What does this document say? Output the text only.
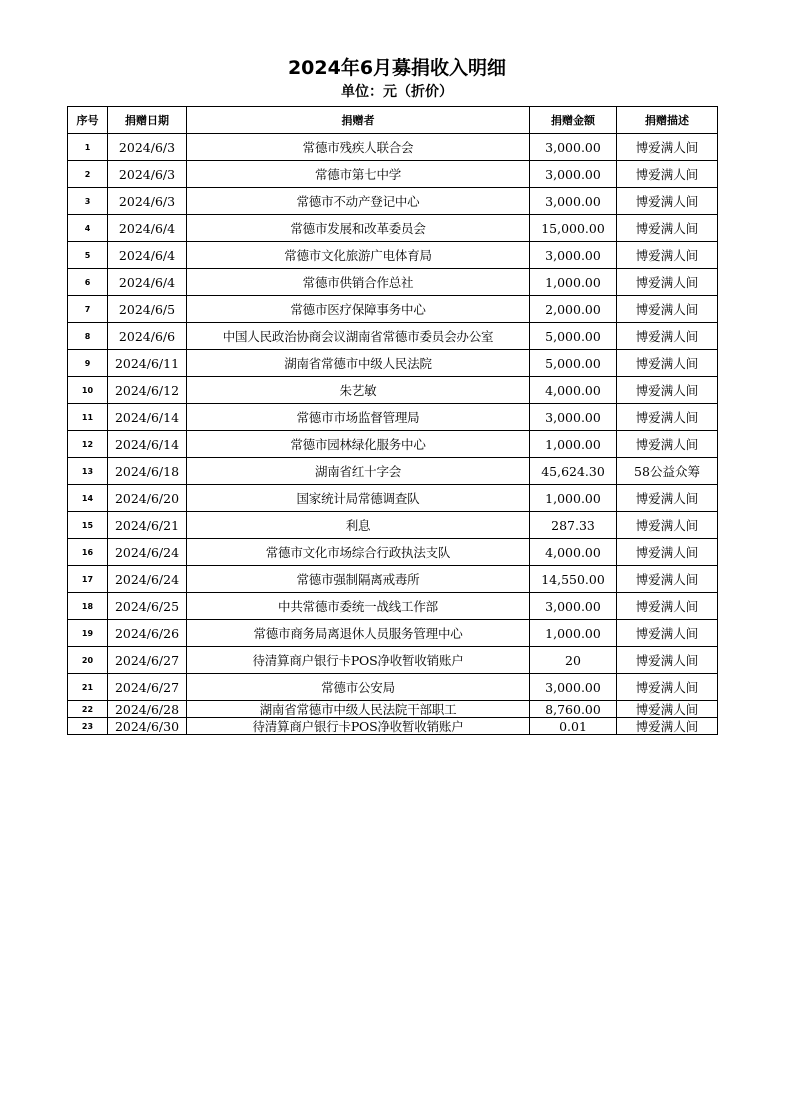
2024年6月募捐收入明细
单位：元（折价）
序号	捐赠日期	捐赠者	捐赠金额	捐赠描述
1	2024/6/3	常德市残疾人联合会	3,000.00	博爱满人间
2	2024/6/3	常德市第七中学	3,000.00	博爱满人间
3	2024/6/3	常德市不动产登记中心	3,000.00	博爱满人间
4	2024/6/4	常德市发展和改革委员会	15,000.00	博爱满人间
5	2024/6/4	常德市文化旅游广电体育局	3,000.00	博爱满人间
6	2024/6/4	常德市供销合作总社	1,000.00	博爱满人间
7	2024/6/5	常德市医疗保障事务中心	2,000.00	博爱满人间
8	2024/6/6	中国人民政治协商会议湖南省常德市委员会办公室	5,000.00	博爱满人间
9	2024/6/11	湖南省常德市中级人民法院	5,000.00	博爱满人间
10	2024/6/12	朱艺敏	4,000.00	博爱满人间
11	2024/6/14	常德市市场监督管理局	3,000.00	博爱满人间
12	2024/6/14	常德市园林绿化服务中心	1,000.00	博爱满人间
13	2024/6/18	湖南省红十字会	45,624.30	58公益众筹
14	2024/6/20	国家统计局常德调查队	1,000.00	博爱满人间
15	2024/6/21	利息	287.33	博爱满人间
16	2024/6/24	常德市文化市场综合行政执法支队	4,000.00	博爱满人间
17	2024/6/24	常德市强制隔离戒毒所	14,550.00	博爱满人间
18	2024/6/25	中共常德市委统一战线工作部	3,000.00	博爱满人间
19	2024/6/26	常德市商务局离退休人员服务管理中心	1,000.00	博爱满人间
20	2024/6/27	待清算商户银行卡POS净收暂收销账户	20	博爱满人间
21	2024/6/27	常德市公安局	3,000.00	博爱满人间
22	2024/6/28	湖南省常德市中级人民法院干部职工	8,760.00	博爱满人间
23	2024/6/30	待清算商户银行卡POS净收暂收销账户	0.01	博爱满人间
